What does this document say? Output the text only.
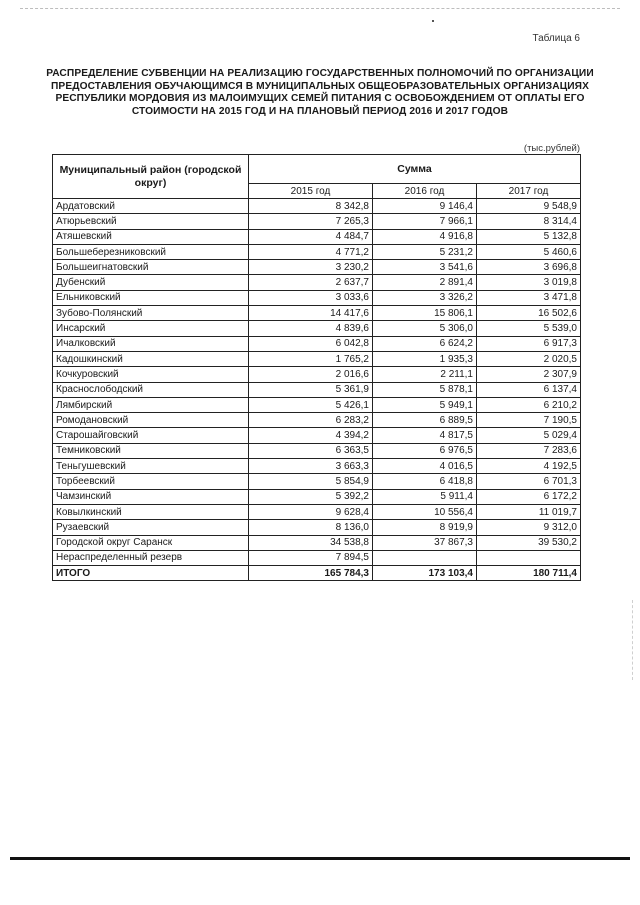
Таблица 6
РАСПРЕДЕЛЕНИЕ СУБВЕНЦИИ НА РЕАЛИЗАЦИЮ ГОСУДАРСТВЕННЫХ ПОЛНОМОЧИЙ ПО ОРГАНИЗАЦИИ ПРЕДОСТАВЛЕНИЯ ОБУЧАЮЩИМСЯ В МУНИЦИПАЛЬНЫХ ОБЩЕОБРАЗОВАТЕЛЬНЫХ ОРГАНИЗАЦИЯХ РЕСПУБЛИКИ МОРДОВИЯ ИЗ МАЛОИМУЩИХ СЕМЕЙ ПИТАНИЯ С ОСВОБОЖДЕНИЕМ ОТ ОПЛАТЫ ЕГО СТОИМОСТИ НА 2015 ГОД И НА ПЛАНОВЫЙ ПЕРИОД 2016 И 2017 ГОДОВ
(тыс.рублей)
Муниципальный район (городской округ)	Сумма		
	2015 год	2016 год	2017 год
Ардатовский	8 342,8	9 146,4	9 548,9
Атюрьевский	7 265,3	7 966,1	8 314,4
Атяшевский	4 484,7	4 916,8	5 132,8
Большеберезниковский	4 771,2	5 231,2	5 460,6
Большеигнатовский	3 230,2	3 541,6	3 696,8
Дубенский	2 637,7	2 891,4	3 019,8
Ельниковский	3 033,6	3 326,2	3 471,8
Зубово-Полянский	14 417,6	15 806,1	16 502,6
Инсарский	4 839,6	5 306,0	5 539,0
Ичалковский	6 042,8	6 624,2	6 917,3
Кадошкинский	1 765,2	1 935,3	2 020,5
Кочкуровский	2 016,6	2 211,1	2 307,9
Краснослободский	5 361,9	5 878,1	6 137,4
Лямбирский	5 426,1	5 949,1	6 210,2
Ромодановский	6 283,2	6 889,5	7 190,5
Старошайговский	4 394,2	4 817,5	5 029,4
Темниковский	6 363,5	6 976,5	7 283,6
Теньгушевский	3 663,3	4 016,5	4 192,5
Торбеевский	5 854,9	6 418,8	6 701,3
Чамзинский	5 392,2	5 911,4	6 172,2
Ковылкинский	9 628,4	10 556,4	11 019,7
Рузаевский	8 136,0	8 919,9	9 312,0
Городской округ Саранск	34 538,8	37 867,3	39 530,2
Нераспределенный резерв	7 894,5		
ИТОГО	165 784,3	173 103,4	180 711,4
